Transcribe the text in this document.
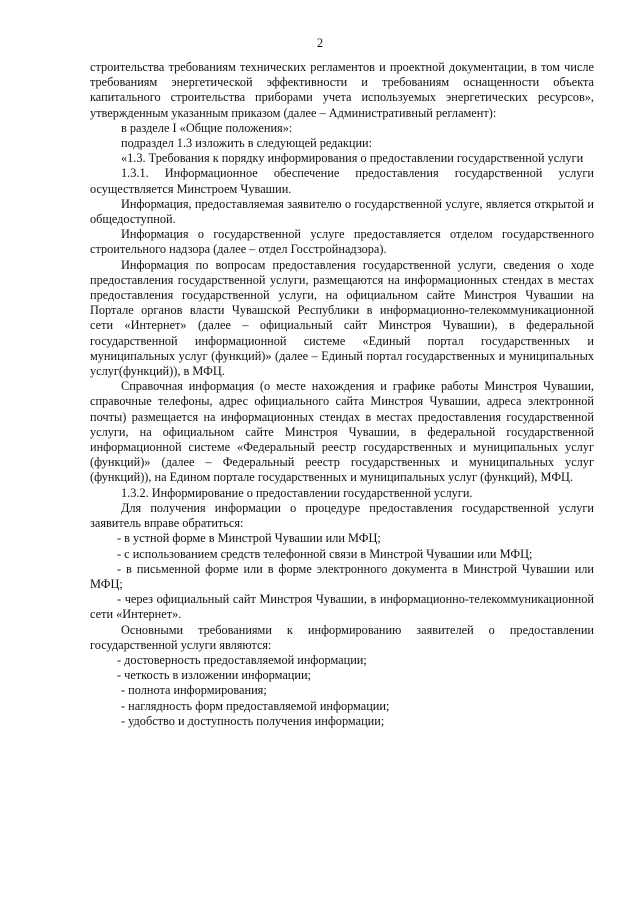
2

строительства требованиям технических регламентов и проектной документации, в том числе требованиям энергетической эффективности и требованиям оснащенности объекта капитального строительства приборами учета используемых энергетических ресурсов», утвержденным указанным приказом (далее – Административный регламент):

в разделе I «Общие положения»:

подраздел 1.3 изложить в следующей редакции:

«1.3. Требования к порядку информирования о предоставлении государственной услуги

1.3.1. Информационное обеспечение предоставления государственной услуги осуществляется Минстроем Чувашии.

Информация, предоставляемая заявителю о государственной услуге, является открытой и общедоступной.

Информация о государственной услуге предоставляется отделом государственного строительного надзора (далее – отдел Госстройнадзора).

Информация по вопросам предоставления государственной услуги, сведения о ходе предоставления государственной услуги, размещаются на информационных стендах в местах предоставления государственной услуги, на официальном сайте Минстроя Чувашии на Портале органов власти Чувашской Республики в информационно-телекоммуникационной сети «Интернет» (далее – официальный сайт Минстроя Чувашии), в федеральной государственной информационной системе «Единый портал государственных и муниципальных услуг (функций)» (далее – Единый портал государственных и муниципальных услуг(функций)), в МФЦ.

Справочная информация (о месте нахождения и графике работы Минстроя Чувашии, справочные телефоны, адрес официального сайта Минстроя Чувашии, адреса электронной почты) размещается на информационных стендах в местах предоставления государственной услуги, на официальном сайте Минстроя Чувашии, в федеральной государственной информационной системе «Федеральный реестр государственных и муниципальных услуг (функций)» (далее – Федеральный реестр государственных и муниципальных услуг (функций)), на Едином портале государственных и муниципальных услуг (функций), МФЦ.

1.3.2. Информирование о предоставлении государственной услуги.

Для получения информации о процедуре предоставления государственной услуги заявитель вправе обратиться:

- в устной форме в Минстрой Чувашии или МФЦ;

- с использованием средств телефонной связи в Минстрой Чувашии или МФЦ;

- в письменной форме или в форме электронного документа в Минстрой Чувашии или МФЦ;

- через официальный сайт Минстроя Чувашии, в информационно-телекоммуникационной сети «Интернет».

Основными требованиями к информированию заявителей о предоставлении государственной услуги являются:

- достоверность предоставляемой информации;

- четкость в изложении информации;

- полнота информирования;

- наглядность форм предоставляемой информации;

- удобство и доступность получения информации;
